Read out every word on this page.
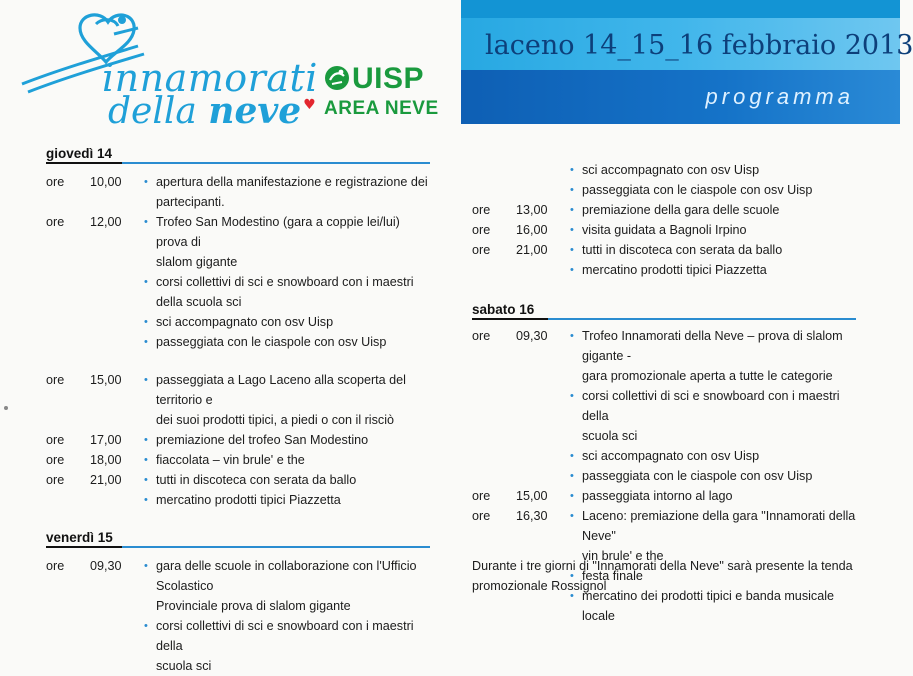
innamorati
della neve ♥
UISP
AREA NEVE
laceno 14_15_16 febbraio 2013
programma
giovedì 14
ore	10,00	• apertura della manifestazione e registrazione dei
partecipanti.
ore	12,00	• Trofeo San Modestino (gara a coppie lei/lui) prova di
slalom gigante
• corsi collettivi di sci e snowboard con i maestri
della scuola sci
• sci accompagnato con osv Uisp
• passeggiata con le ciaspole con osv Uisp
ore	15,00	• passeggiata a Lago Laceno alla scoperta del territorio e
dei suoi prodotti tipici, a piedi o con il risciò
ore	17,00	• premiazione del trofeo San Modestino
ore	18,00	• fiaccolata – vin brule' e the
ore	21,00	• tutti in discoteca con serata da ballo
• mercatino prodotti tipici Piazzetta
venerdì 15
ore	09,30	• gara delle scuole in collaborazione con l'Ufficio Scolastico
Provinciale prova di slalom gigante
• corsi collettivi di sci e snowboard con i maestri della
scuola sci
• sci accompagnato con osv Uisp
• passeggiata con le ciaspole con osv Uisp
ore	13,00	• premiazione della gara delle scuole
ore	16,00	• visita guidata a Bagnoli Irpino
ore	21,00	• tutti in discoteca con serata da ballo
• mercatino prodotti tipici Piazzetta
sabato 16
ore	09,30	• Trofeo Innamorati della Neve – prova di slalom gigante -
gara promozionale aperta a tutte le categorie
• corsi collettivi di sci e snowboard con i maestri della
scuola sci
• sci accompagnato con osv Uisp
• passeggiata con le ciaspole con osv Uisp
ore	15,00	• passeggiata intorno al lago
ore	16,30	• Laceno: premiazione della gara "Innamorati della Neve"
vin brule' e the
• festa finale
• mercatino dei prodotti tipici e banda musicale locale
Durante i tre giorni di "Innamorati della Neve" sarà presente la tenda
promozionale Rossignol
